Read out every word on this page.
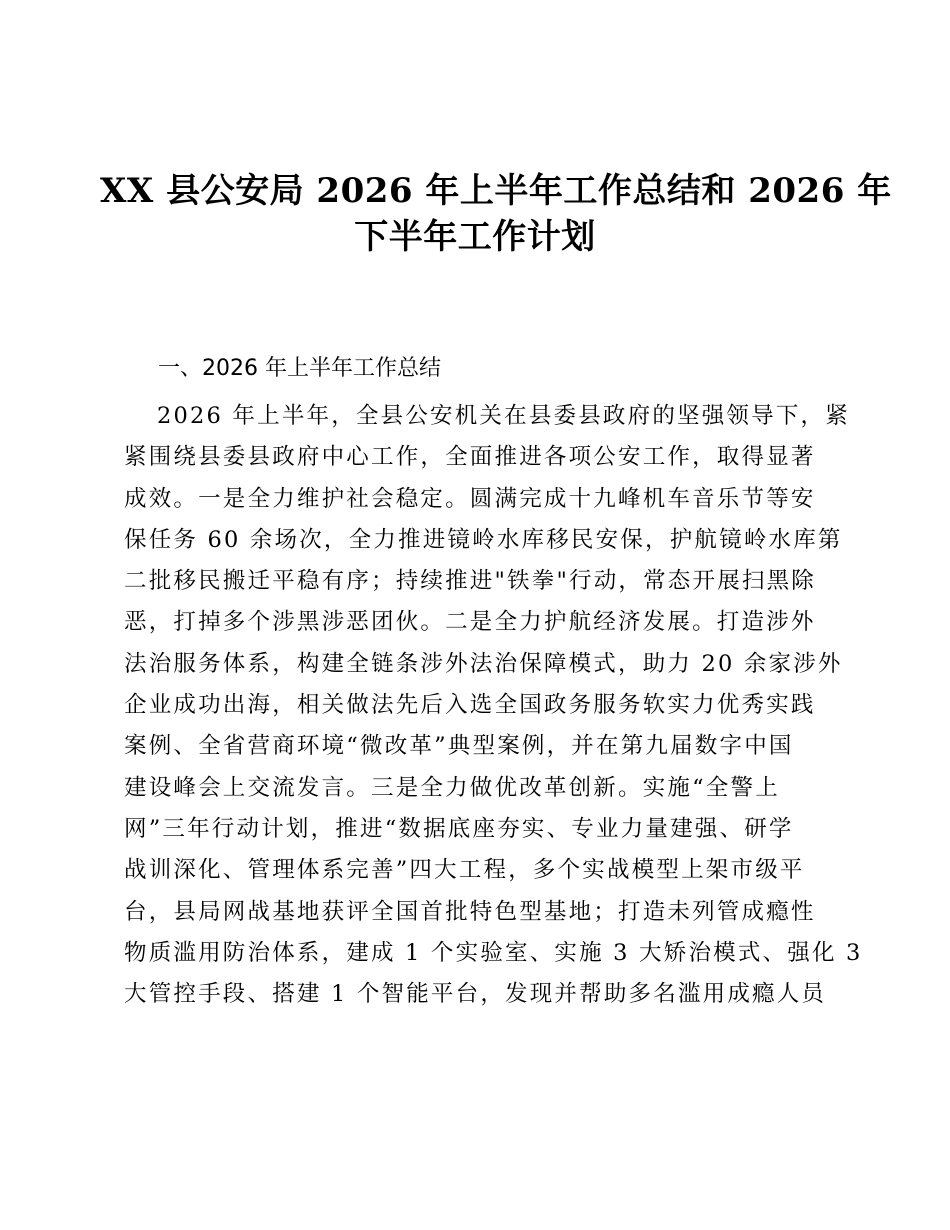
XX 县公安局 2026 年上半年工作总结和 2026 年
下半年工作计划
一、2026 年上半年工作总结
2026 年上半年，全县公安机关在县委县政府的坚强领导下，紧
紧围绕县委县政府中心工作，全面推进各项公安工作，取得显著
成效。一是全力维护社会稳定。圆满完成十九峰机车音乐节等安
保任务 60 余场次，全力推进镜岭水库移民安保，护航镜岭水库第
二批移民搬迁平稳有序；持续推进"铁拳"行动，常态开展扫黑除
恶，打掉多个涉黑涉恶团伙。二是全力护航经济发展。打造涉外
法治服务体系，构建全链条涉外法治保障模式，助力 20 余家涉外
企业成功出海，相关做法先后入选全国政务服务软实力优秀实践
案例、全省营商环境“微改革”典型案例，并在第九届数字中国
建设峰会上交流发言。三是全力做优改革创新。实施“全警上
网”三年行动计划，推进“数据底座夯实、专业力量建强、研学
战训深化、管理体系完善”四大工程，多个实战模型上架市级平
台，县局网战基地获评全国首批特色型基地；打造未列管成瘾性
物质滥用防治体系，建成 1 个实验室、实施 3 大矫治模式、强化 3
大管控手段、搭建 1 个智能平台，发现并帮助多名滥用成瘾人员
